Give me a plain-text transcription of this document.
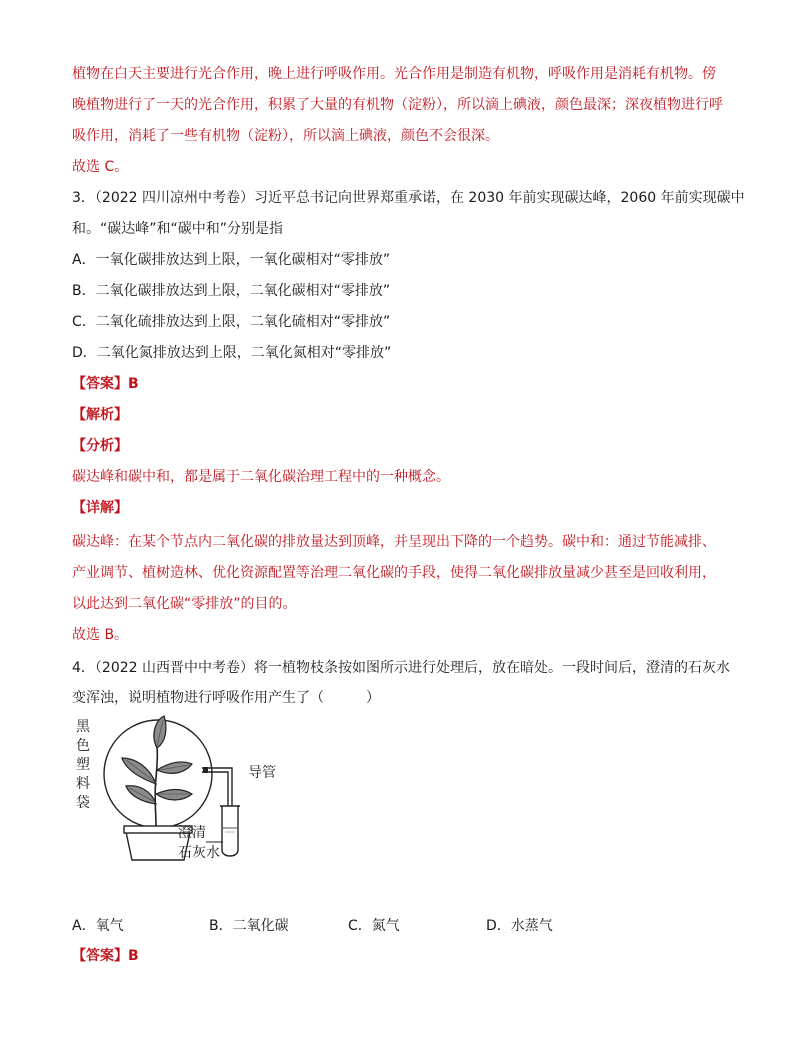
植物在白天主要进行光合作用，晚上进行呼吸作用。光合作用是制造有机物，呼吸作用是消耗有机物。傍
晚植物进行了一天的光合作用，积累了大量的有机物（淀粉），所以滴上碘液，颜色最深；深夜植物进行呼
吸作用，消耗了一些有机物（淀粉），所以滴上碘液，颜色不会很深。
故选 C。
3．（2022 四川凉州中考卷）习近平总书记向世界郑重承诺，在 2030 年前实现碳达峰，2060 年前实现碳中
和。“碳达峰”和“碳中和”分别是指
A．一氧化碳排放达到上限，一氧化碳相对“零排放”
B．二氧化碳排放达到上限，二氧化碳相对“零排放”
C．二氧化硫排放达到上限，二氧化硫相对“零排放”
D．二氧化氮排放达到上限，二氧化氮相对“零排放”
【答案】B
【解析】
【分析】
碳达峰和碳中和，都是属于二氧化碳治理工程中的一种概念。
【详解】
碳达峰：在某个节点内二氧化碳的排放量达到顶峰，并呈现出下降的一个趋势。碳中和：通过节能减排、
产业调节、植树造林、优化资源配置等治理二氧化碳的手段，使得二氧化碳排放量减少甚至是回收利用，
以此达到二氧化碳“零排放”的目的。
故选 B。
4．（2022 山西晋中中考卷）将一植物枝条按如图所示进行处理后，放在暗处。一段时间后，澄清的石灰水
变浑浊，说明植物进行呼吸作用产生了（　　　）
黑
色
塑
料
袋
导管
澄清
石灰水
A．氧气	B．二氧化碳	C．氮气	D．水蒸气
【答案】B
